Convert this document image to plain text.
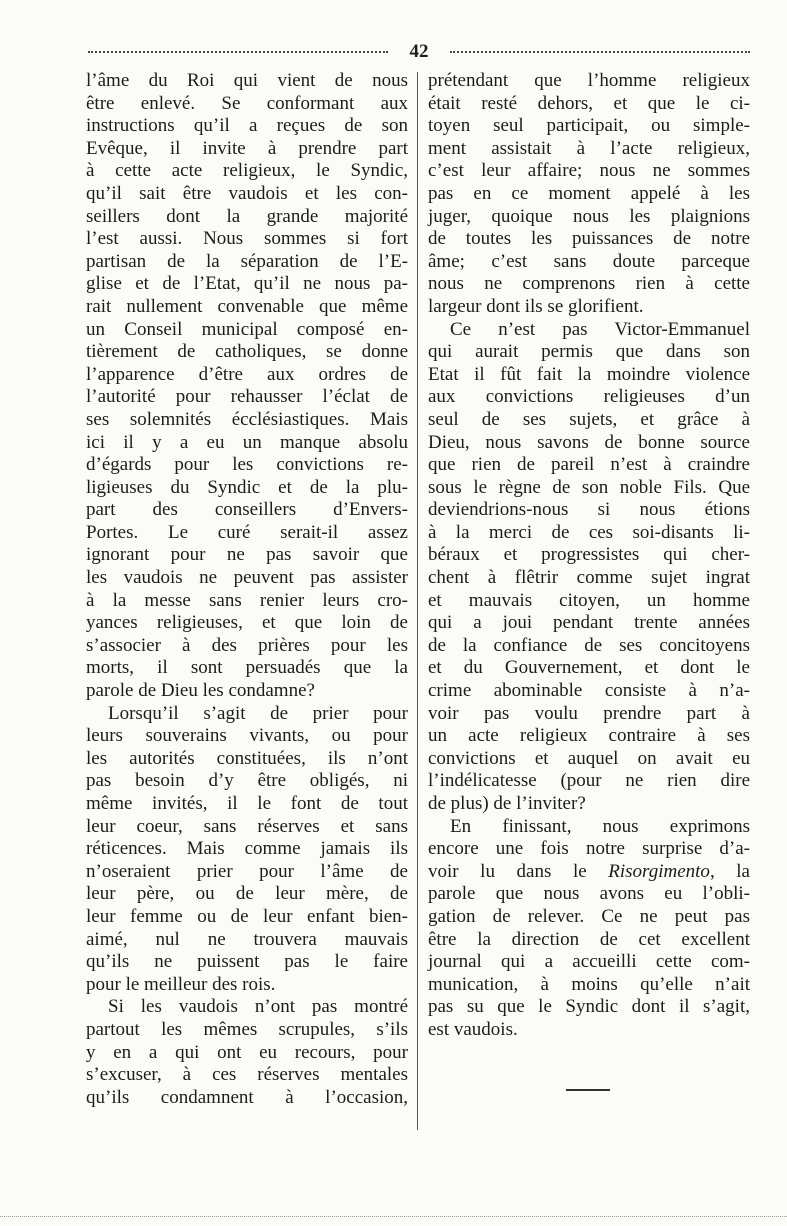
42
l’âme du Roi qui vient de nous
être enlevé. Se conformant aux
instructions qu’il a reçues de son
Evêque, il invite à prendre part
à cette acte religieux, le Syndic,
qu’il sait être vaudois et les con-
seillers dont la grande majorité
l’est aussi. Nous sommes si fort
partisan de la séparation de l’E-
glise et de l’Etat, qu’il ne nous pa-
rait nullement convenable que même
un Conseil municipal composé en-
tièrement de catholiques, se donne
l’apparence d’être aux ordres de
l’autorité pour rehausser l’éclat de
ses solemnités écclésiastiques. Mais
ici il y a eu un manque absolu
d’égards pour les convictions re-
ligieuses du Syndic et de la plu-
part des conseillers d’Envers-
Portes. Le curé serait-il assez
ignorant pour ne pas savoir que
les vaudois ne peuvent pas assister
à la messe sans renier leurs cro-
yances religieuses, et que loin de
s’associer à des prières pour les
morts, il sont persuadés que la
parole de Dieu les condamne?
Lorsqu’il s’agit de prier pour
leurs souverains vivants, ou pour
les autorités constituées, ils n’ont
pas besoin d’y être obligés, ni
même invités, il le font de tout
leur coeur, sans réserves et sans
réticences. Mais comme jamais ils
n’oseraient prier pour l’âme de
leur père, ou de leur mère, de
leur femme ou de leur enfant bien-
aimé, nul ne trouvera mauvais
qu’ils ne puissent pas le faire
pour le meilleur des rois.
Si les vaudois n’ont pas montré
partout les mêmes scrupules, s’ils
y en a qui ont eu recours, pour
s’excuser, à ces réserves mentales
qu’ils condamnent à l’occasion,
prétendant que l’homme religieux
était resté dehors, et que le ci-
toyen seul participait, ou simple-
ment assistait à l’acte religieux,
c’est leur affaire; nous ne sommes
pas en ce moment appelé à les
juger, quoique nous les plaignions
de toutes les puissances de notre
âme; c’est sans doute parceque
nous ne comprenons rien à cette
largeur dont ils se glorifient.
Ce n’est pas Victor-Emmanuel
qui aurait permis que dans son
Etat il fût fait la moindre violence
aux convictions religieuses d’un
seul de ses sujets, et grâce à
Dieu, nous savons de bonne source
que rien de pareil n’est à craindre
sous le règne de son noble Fils. Que
deviendrions-nous si nous étions
à la merci de ces soi-disants li-
béraux et progressistes qui cher-
chent à flêtrir comme sujet ingrat
et mauvais citoyen, un homme
qui a joui pendant trente années
de la confiance de ses concitoyens
et du Gouvernement, et dont le
crime abominable consiste à n’a-
voir pas voulu prendre part à
un acte religieux contraire à ses
convictions et auquel on avait eu
l’indélicatesse (pour ne rien dire
de plus) de l’inviter?
En finissant, nous exprimons
encore une fois notre surprise d’a-
voir lu dans le Risorgimento, la
parole que nous avons eu l’obli-
gation de relever. Ce ne peut pas
être la direction de cet excellent
journal qui a accueilli cette com-
munication, à moins qu’elle n’ait
pas su que le Syndic dont il s’agit,
est vaudois.
